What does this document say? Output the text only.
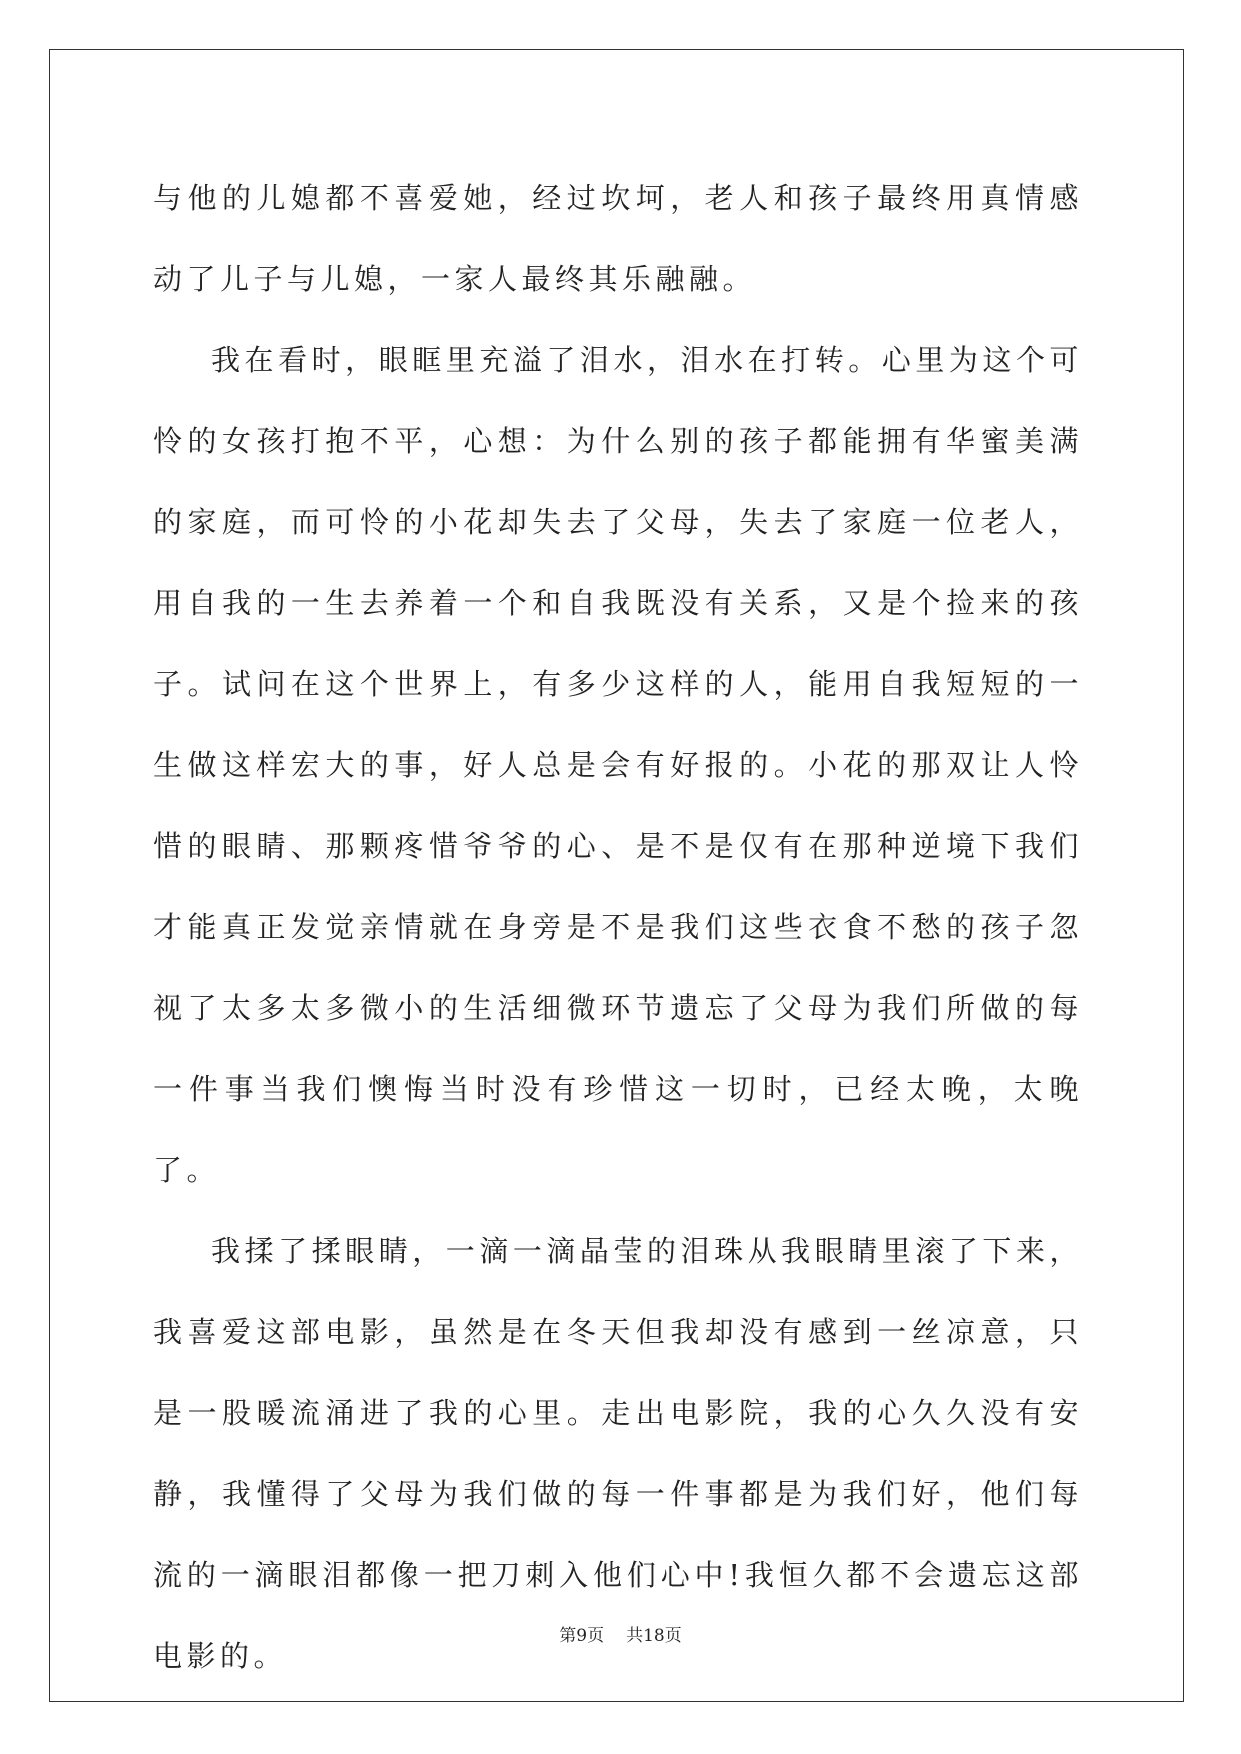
与他的儿媳都不喜爱她，经过坎坷，老人和孩子最终用真情感动了儿子与儿媳，一家人最终其乐融融。

我在看时，眼眶里充溢了泪水，泪水在打转。心里为这个可怜的女孩打抱不平，心想：为什么别的孩子都能拥有华蜜美满的家庭，而可怜的小花却失去了父母，失去了家庭一位老人，用自我的一生去养着一个和自我既没有关系，又是个捡来的孩子。试问在这个世界上，有多少这样的人，能用自我短短的一生做这样宏大的事，好人总是会有好报的。小花的那双让人怜惜的眼睛、那颗疼惜爷爷的心、是不是仅有在那种逆境下我们才能真正发觉亲情就在身旁是不是我们这些衣食不愁的孩子忽视了太多太多微小的生活细微环节遗忘了父母为我们所做的每一件事当我们懊悔当时没有珍惜这一切时，已经太晚，太晚了。

我揉了揉眼睛，一滴一滴晶莹的泪珠从我眼睛里滚了下来，我喜爱这部电影，虽然是在冬天但我却没有感到一丝凉意，只是一股暖流涌进了我的心里。走出电影院，我的心久久没有安静，我懂得了父母为我们做的每一件事都是为我们好，他们每流的一滴眼泪都像一把刀刺入他们心中!我恒久都不会遗忘这部电影的。

第9页 共18页
